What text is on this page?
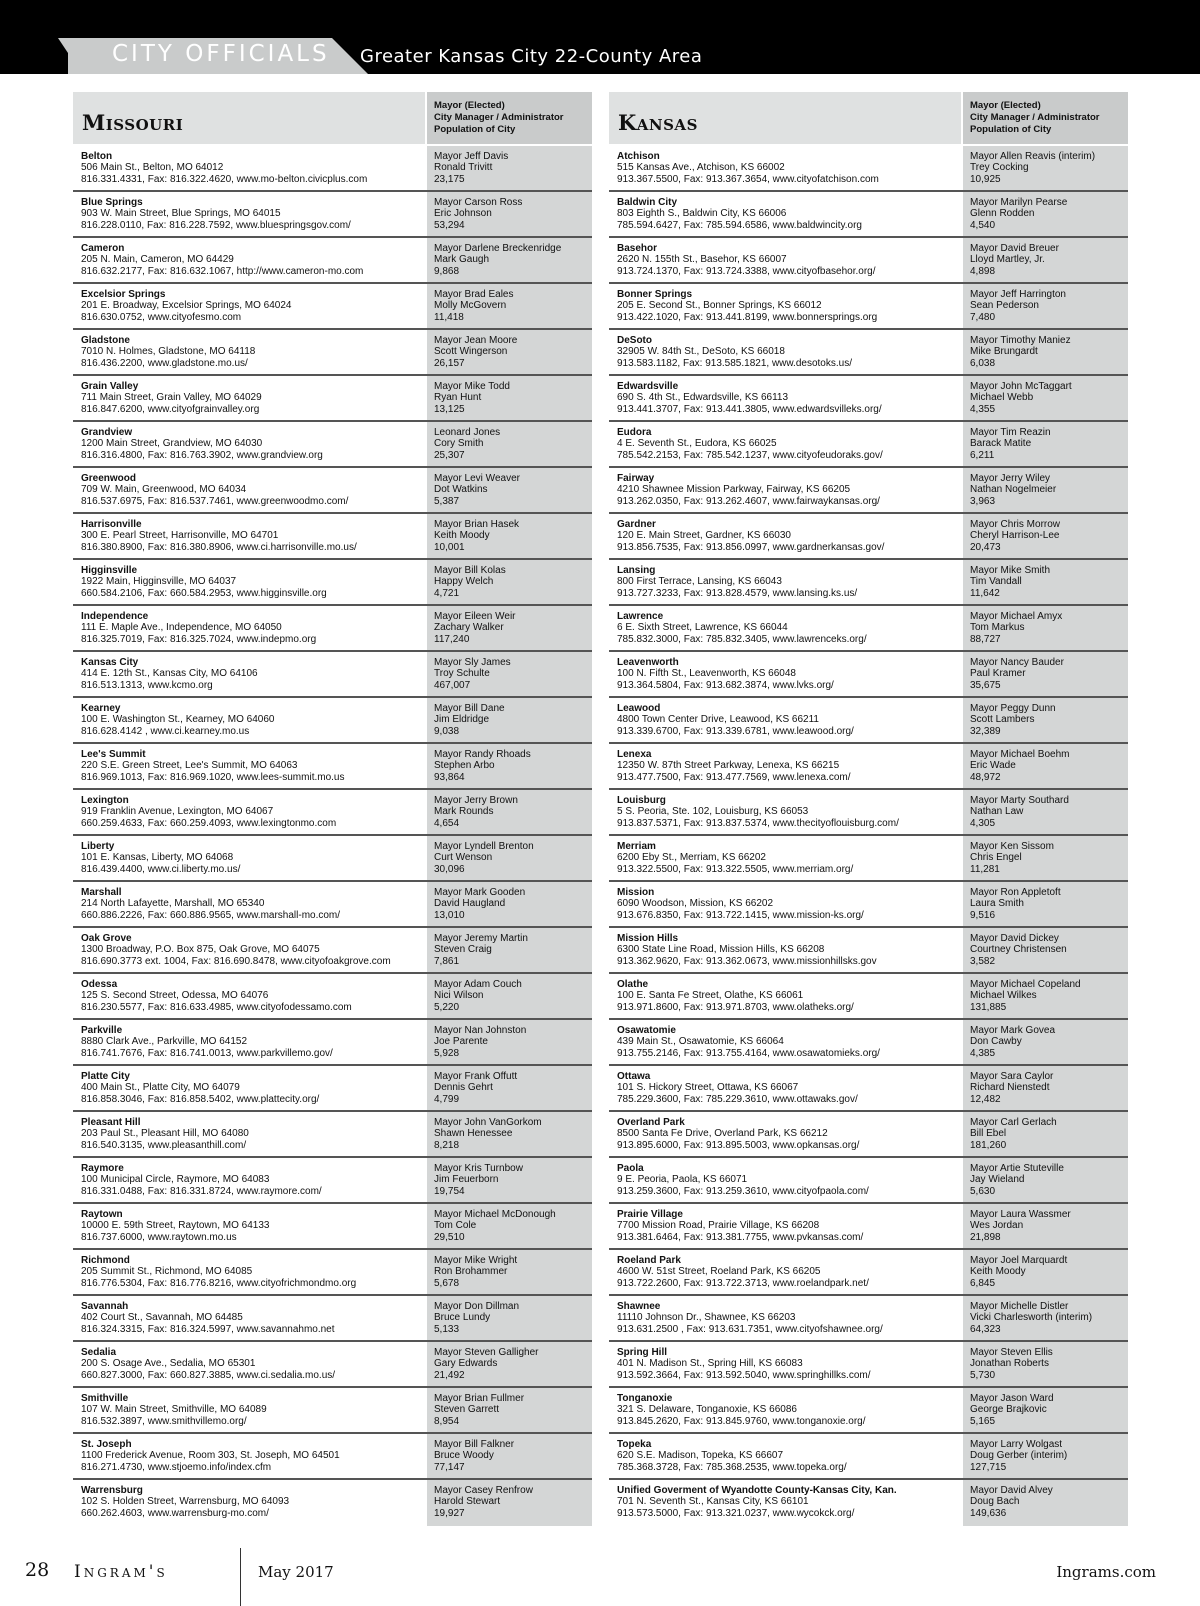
CITY OFFICIALS Greater Kansas City 22-County Area
Missouri
Mayor (Elected)
City Manager / Administrator
Population of City
Belton
506 Main St., Belton, MO 64012
816.331.4331, Fax: 816.322.4620, www.mo-belton.civicplus.com
Mayor Jeff Davis
Ronald Trivitt
23,175
Blue Springs
903 W. Main Street, Blue Springs, MO 64015
816.228.0110, Fax: 816.228.7592, www.bluespringsgov.com/
Mayor Carson Ross
Eric Johnson
53,294
Cameron
205 N. Main, Cameron, MO 64429
816.632.2177, Fax: 816.632.1067, http://www.cameron-mo.com
Mayor Darlene Breckenridge
Mark Gaugh
9,868
Excelsior Springs
201 E. Broadway, Excelsior Springs, MO 64024
816.630.0752, www.cityofesmo.com
Mayor Brad Eales
Molly McGovern
11,418
Gladstone
7010 N. Holmes, Gladstone, MO 64118
816.436.2200, www.gladstone.mo.us/
Mayor Jean Moore
Scott Wingerson
26,157
Grain Valley
711 Main Street, Grain Valley, MO 64029
816.847.6200, www.cityofgrainvalley.org
Mayor Mike Todd
Ryan Hunt
13,125
Grandview
1200 Main Street, Grandview, MO 64030
816.316.4800, Fax: 816.763.3902, www.grandview.org
Leonard Jones
Cory Smith
25,307
Greenwood
709 W. Main, Greenwood, MO 64034
816.537.6975, Fax: 816.537.7461, www.greenwoodmo.com/
Mayor Levi Weaver
Dot Watkins
5,387
Harrisonville
300 E. Pearl Street, Harrisonville, MO 64701
816.380.8900, Fax: 816.380.8906, www.ci.harrisonville.mo.us/
Mayor Brian Hasek
Keith Moody
10,001
Higginsville
1922 Main, Higginsville, MO 64037
660.584.2106, Fax: 660.584.2953, www.higginsville.org
Mayor Bill Kolas
Happy Welch
4,721
Independence
111 E. Maple Ave., Independence, MO 64050
816.325.7019, Fax: 816.325.7024, www.indepmo.org
Mayor Eileen Weir
Zachary Walker
117,240
Kansas City
414 E. 12th St., Kansas City, MO 64106
816.513.1313, www.kcmo.org
Mayor Sly James
Troy Schulte
467,007
Kearney
100 E. Washington St., Kearney, MO 64060
816.628.4142 , www.ci.kearney.mo.us
Mayor Bill Dane
Jim Eldridge
9,038
Lee's Summit
220 S.E. Green Street, Lee's Summit, MO 64063
816.969.1013, Fax: 816.969.1020, www.lees-summit.mo.us
Mayor Randy Rhoads
Stephen Arbo
93,864
Lexington
919 Franklin Avenue, Lexington, MO 64067
660.259.4633, Fax: 660.259.4093, www.lexingtonmo.com
Mayor Jerry Brown
Mark Rounds
4,654
Liberty
101 E. Kansas, Liberty, MO 64068
816.439.4400, www.ci.liberty.mo.us/
Mayor Lyndell Brenton
Curt Wenson
30,096
Marshall
214 North Lafayette, Marshall, MO 65340
660.886.2226, Fax: 660.886.9565, www.marshall-mo.com/
Mayor Mark Gooden
David Haugland
13,010
Oak Grove
1300 Broadway, P.O. Box 875, Oak Grove, MO 64075
816.690.3773 ext. 1004, Fax: 816.690.8478, www.cityofoakgrove.com
Mayor Jeremy Martin
Steven Craig
7,861
Odessa
125 S. Second Street, Odessa, MO 64076
816.230.5577, Fax: 816.633.4985, www.cityofodessamo.com
Mayor Adam Couch
Nici Wilson
5,220
Parkville
8880 Clark Ave., Parkville, MO 64152
816.741.7676, Fax: 816.741.0013, www.parkvillemo.gov/
Mayor Nan Johnston
Joe Parente
5,928
Platte City
400 Main St., Platte City, MO 64079
816.858.3046, Fax: 816.858.5402, www.plattecity.org/
Mayor Frank Offutt
Dennis Gehrt
4,799
Pleasant Hill
203 Paul St., Pleasant Hill, MO 64080
816.540.3135, www.pleasanthill.com/
Mayor John VanGorkom
Shawn Henessee
8,218
Raymore
100 Municipal Circle, Raymore, MO 64083
816.331.0488, Fax: 816.331.8724, www.raymore.com/
Mayor Kris Turnbow
Jim Feuerborn
19,754
Raytown
10000 E. 59th Street, Raytown, MO 64133
816.737.6000, www.raytown.mo.us
Mayor Michael McDonough
Tom Cole
29,510
Richmond
205 Summit St., Richmond, MO 64085
816.776.5304, Fax: 816.776.8216, www.cityofrichmondmo.org
Mayor Mike Wright
Ron Brohammer
5,678
Savannah
402 Court St., Savannah, MO 64485
816.324.3315, Fax: 816.324.5997, www.savannahmo.net
Mayor Don Dillman
Bruce Lundy
5,133
Sedalia
200 S. Osage Ave., Sedalia, MO 65301
660.827.3000, Fax: 660.827.3885, www.ci.sedalia.mo.us/
Mayor Steven Galligher
Gary Edwards
21,492
Smithville
107 W. Main Street, Smithville, MO 64089
816.532.3897, www.smithvillemo.org/
Mayor Brian Fullmer
Steven Garrett
8,954
St. Joseph
1100 Frederick Avenue, Room 303, St. Joseph, MO 64501
816.271.4730, www.stjoemo.info/index.cfm
Mayor Bill Falkner
Bruce Woody
77,147
Warrensburg
102 S. Holden Street, Warrensburg, MO 64093
660.262.4603, www.warrensburg-mo.com/
Mayor Casey Renfrow
Harold Stewart
19,927
Kansas
Mayor (Elected)
City Manager / Administrator
Population of City
Atchison
515 Kansas Ave., Atchison, KS 66002
913.367.5500, Fax: 913.367.3654, www.cityofatchison.com
Mayor Allen Reavis (interim)
Trey Cocking
10,925
Baldwin City
803 Eighth S., Baldwin City, KS 66006
785.594.6427, Fax: 785.594.6586, www.baldwincity.org
Mayor Marilyn Pearse
Glenn Rodden
4,540
Basehor
2620 N. 155th St., Basehor, KS 66007
913.724.1370, Fax: 913.724.3388, www.cityofbasehor.org/
Mayor David Breuer
Lloyd Martley, Jr.
4,898
Bonner Springs
205 E. Second St., Bonner Springs, KS 66012
913.422.1020, Fax: 913.441.8199, www.bonnersprings.org
Mayor Jeff Harrington
Sean Pederson
7,480
DeSoto
32905 W. 84th St., DeSoto, KS 66018
913.583.1182, Fax: 913.585.1821, www.desotoks.us/
Mayor Timothy Maniez
Mike Brungardt
6,038
Edwardsville
690 S. 4th St., Edwardsville, KS 66113
913.441.3707, Fax: 913.441.3805, www.edwardsvilleks.org/
Mayor John McTaggart
Michael Webb
4,355
Eudora
4 E. Seventh St., Eudora, KS 66025
785.542.2153, Fax: 785.542.1237, www.cityofeudoraks.gov/
Mayor Tim Reazin
Barack Matite
6,211
Fairway
4210 Shawnee Mission Parkway, Fairway, KS 66205
913.262.0350, Fax: 913.262.4607, www.fairwaykansas.org/
Mayor Jerry Wiley
Nathan Nogelmeier
3,963
Gardner
120 E. Main Street, Gardner, KS 66030
913.856.7535, Fax: 913.856.0997, www.gardnerkansas.gov/
Mayor Chris Morrow
Cheryl Harrison-Lee
20,473
Lansing
800 First Terrace, Lansing, KS 66043
913.727.3233, Fax: 913.828.4579, www.lansing.ks.us/
Mayor Mike Smith
Tim Vandall
11,642
Lawrence
6 E. Sixth Street, Lawrence, KS 66044
785.832.3000, Fax: 785.832.3405, www.lawrenceks.org/
Mayor Michael Amyx
Tom Markus
88,727
Leavenworth
100 N. Fifth St., Leavenworth, KS 66048
913.364.5804, Fax: 913.682.3874, www.lvks.org/
Mayor Nancy Bauder
Paul Kramer
35,675
Leawood
4800 Town Center Drive, Leawood, KS 66211
913.339.6700, Fax: 913.339.6781, www.leawood.org/
Mayor Peggy Dunn
Scott Lambers
32,389
Lenexa
12350 W. 87th Street Parkway, Lenexa, KS 66215
913.477.7500, Fax: 913.477.7569, www.lenexa.com/
Mayor Michael Boehm
Eric Wade
48,972
Louisburg
5 S. Peoria, Ste. 102, Louisburg, KS 66053
913.837.5371, Fax: 913.837.5374, www.thecityoflouisburg.com/
Mayor Marty Southard
Nathan Law
4,305
Merriam
6200 Eby St., Merriam, KS 66202
913.322.5500, Fax: 913.322.5505, www.merriam.org/
Mayor Ken Sissom
Chris Engel
11,281
Mission
6090 Woodson, Mission, KS 66202
913.676.8350, Fax: 913.722.1415, www.mission-ks.org/
Mayor Ron Appletoft
Laura Smith
9,516
Mission Hills
6300 State Line Road, Mission Hills, KS 66208
913.362.9620, Fax: 913.362.0673, www.missionhillsks.gov
Mayor David Dickey
Courtney Christensen
3,582
Olathe
100 E. Santa Fe Street, Olathe, KS 66061
913.971.8600, Fax: 913.971.8703, www.olatheks.org/
Mayor Michael Copeland
Michael Wilkes
131,885
Osawatomie
439 Main St., Osawatomie, KS 66064
913.755.2146, Fax: 913.755.4164, www.osawatomieks.org/
Mayor Mark Govea
Don Cawby
4,385
Ottawa
101 S. Hickory Street, Ottawa, KS 66067
785.229.3600, Fax: 785.229.3610, www.ottawaks.gov/
Mayor Sara Caylor
Richard Nienstedt
12,482
Overland Park
8500 Santa Fe Drive, Overland Park, KS 66212
913.895.6000, Fax: 913.895.5003, www.opkansas.org/
Mayor Carl Gerlach
Bill Ebel
181,260
Paola
9 E. Peoria, Paola, KS 66071
913.259.3600, Fax: 913.259.3610, www.cityofpaola.com/
Mayor Artie Stuteville
Jay Wieland
5,630
Prairie Village
7700 Mission Road, Prairie Village, KS 66208
913.381.6464, Fax: 913.381.7755, www.pvkansas.com/
Mayor Laura Wassmer
Wes Jordan
21,898
Roeland Park
4600 W. 51st Street, Roeland Park, KS 66205
913.722.2600, Fax: 913.722.3713, www.roelandpark.net/
Mayor Joel Marquardt
Keith Moody
6,845
Shawnee
11110 Johnson Dr., Shawnee, KS 66203
913.631.2500 , Fax: 913.631.7351, www.cityofshawnee.org/
Mayor Michelle Distler
Vicki Charlesworth (interim)
64,323
Spring Hill
401 N. Madison St., Spring Hill, KS 66083
913.592.3664, Fax: 913.592.5040, www.springhillks.com/
Mayor Steven Ellis
Jonathan Roberts
5,730
Tonganoxie
321 S. Delaware, Tonganoxie, KS 66086
913.845.2620, Fax: 913.845.9760, www.tonganoxie.org/
Mayor Jason Ward
George Brajkovic
5,165
Topeka
620 S.E. Madison, Topeka, KS 66607
785.368.3728, Fax: 785.368.2535, www.topeka.org/
Mayor Larry Wolgast
Doug Gerber (interim)
127,715
Unified Goverment of Wyandotte County-Kansas City, Kan.
701 N. Seventh St., Kansas City, KS 66101
913.573.5000, Fax: 913.321.0237, www.wycokck.org/
Mayor David Alvey
Doug Bach
149,636
28 Ingram's	May 2017	Ingrams.com
